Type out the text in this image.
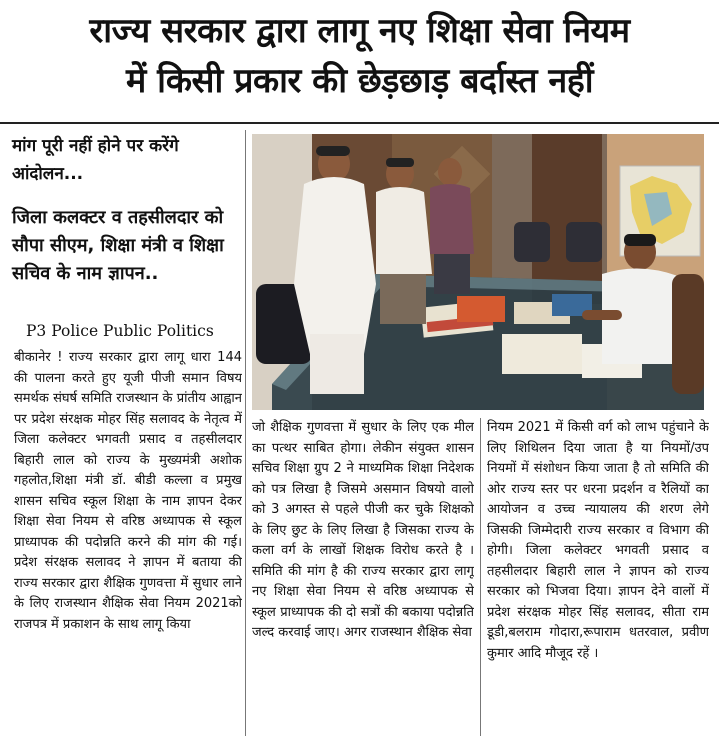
राज्य सरकार द्वारा लागू नए शिक्षा सेवा नियम
में किसी प्रकार की छेड़छाड़ बर्दास्त नहीं
मांग पूरी नहीं होने पर करेंगे आंदोलन...
जिला कलक्टर व तहसीलदार को सौपा सीएम, शिक्षा मंत्री व शिक्षा सचिव के नाम ज्ञापन..
P3 Police Public Politics
बीकानेर ! राज्य सरकार द्वारा लागू धारा 144 की पालना करते हुए यूजी पीजी समान विषय समर्थक संघर्ष समिति राजस्थान के प्रांतीय आह्वान पर प्रदेश संरक्षक मोहर सिंह सलावद के नेतृत्व में जिला कलेक्टर भगवती प्रसाद व तहसीलदार बिहारी लाल को राज्य के मुख्यमंत्री अशोक गहलोत,शिक्षा मंत्री डॉ. बीडी कल्ला व प्रमुख शासन सचिव स्कूल शिक्षा के नाम ज्ञापन देकर शिक्षा सेवा नियम से वरिष्ठ अध्यापक से स्कूल प्राध्यापक की पदोन्नति करने की मांग की गई। प्रदेश संरक्षक सलावद ने ज्ञापन में बताया की राज्य सरकार द्वारा शैक्षिक गुणवत्ता में सुधार लाने के लिए राजस्थान शैक्षिक सेवा नियम 2021को राजपत्र में प्रकाशन के साथ लागू किया
जो शैक्षिक गुणवत्ता में सुधार के लिए एक मील का पत्थर साबित होगा। लेकीन संयुक्त शासन सचिव शिक्षा ग्रुप 2 ने माध्यमिक शिक्षा निदेशक को पत्र लिखा है जिसमे असमान विषयो वालो को 3 अगस्त से पहले पीजी कर चुके शिक्षको के लिए छुट के लिए लिखा है जिसका राज्य के कला वर्ग के लाखों शिक्षक विरोध करते है । समिति की मांग है की राज्य सरकार द्वारा लागू नए शिक्षा सेवा नियम से वरिष्ठ अध्यापक से स्कूल प्राध्यापक की दो सत्रों की बकाया पदोन्नति जल्द करवाई जाए। अगर राजस्थान शैक्षिक सेवा
नियम 2021 में किसी वर्ग को लाभ पहुंचाने के लिए शिथिलन दिया जाता है या नियमों/उप नियमों में संशोधन किया जाता है तो समिति की ओर राज्य स्तर पर धरना प्रदर्शन व रैलियों का आयोजन व उच्च न्यायालय की शरण लेगे जिसकी जिम्मेदारी राज्य सरकार व विभाग की होगी। जिला कलेक्टर भगवती प्रसाद व तहसीलदार बिहारी लाल ने ज्ञापन को राज्य सरकार को भिजवा दिया। ज्ञापन देने वालों में प्रदेश संरक्षक मोहर सिंह सलावद, सीता राम डूडी,बलराम गोदारा,रूपाराम धतरवाल, प्रवीण कुमार आदि मौजूद रहें ।
